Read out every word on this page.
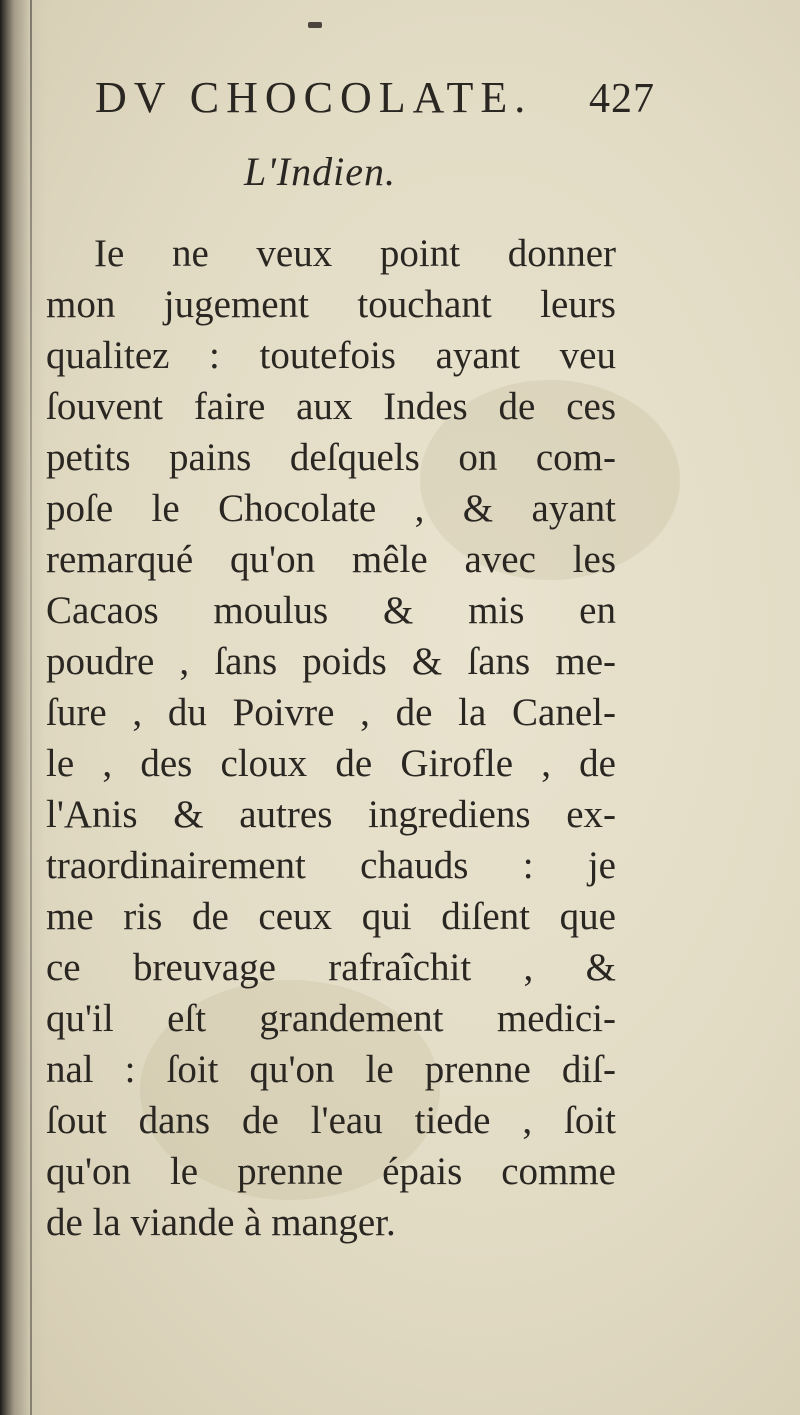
DV CHOCOLATE. 427
L'Indien.
Ie ne veux point donner
mon jugement touchant leurs
qualitez : toutefois ayant veu
ſouvent faire aux Indes de ces
petits pains deſquels on com-
poſe le Chocolate , & ayant
remarqué qu'on mêle avec les
Cacaos moulus & mis en
poudre , ſans poids & ſans me-
ſure , du Poivre , de la Canel-
le , des cloux de Girofle , de
l'Anis & autres ingrediens ex-
traordinairement chauds : je
me ris de ceux qui diſent que
ce breuvage rafraîchit , &
qu'il eſt grandement medici-
nal : ſoit qu'on le prenne diſ-
ſout dans de l'eau tiede , ſoit
qu'on le prenne épais comme
de la viande à manger.
